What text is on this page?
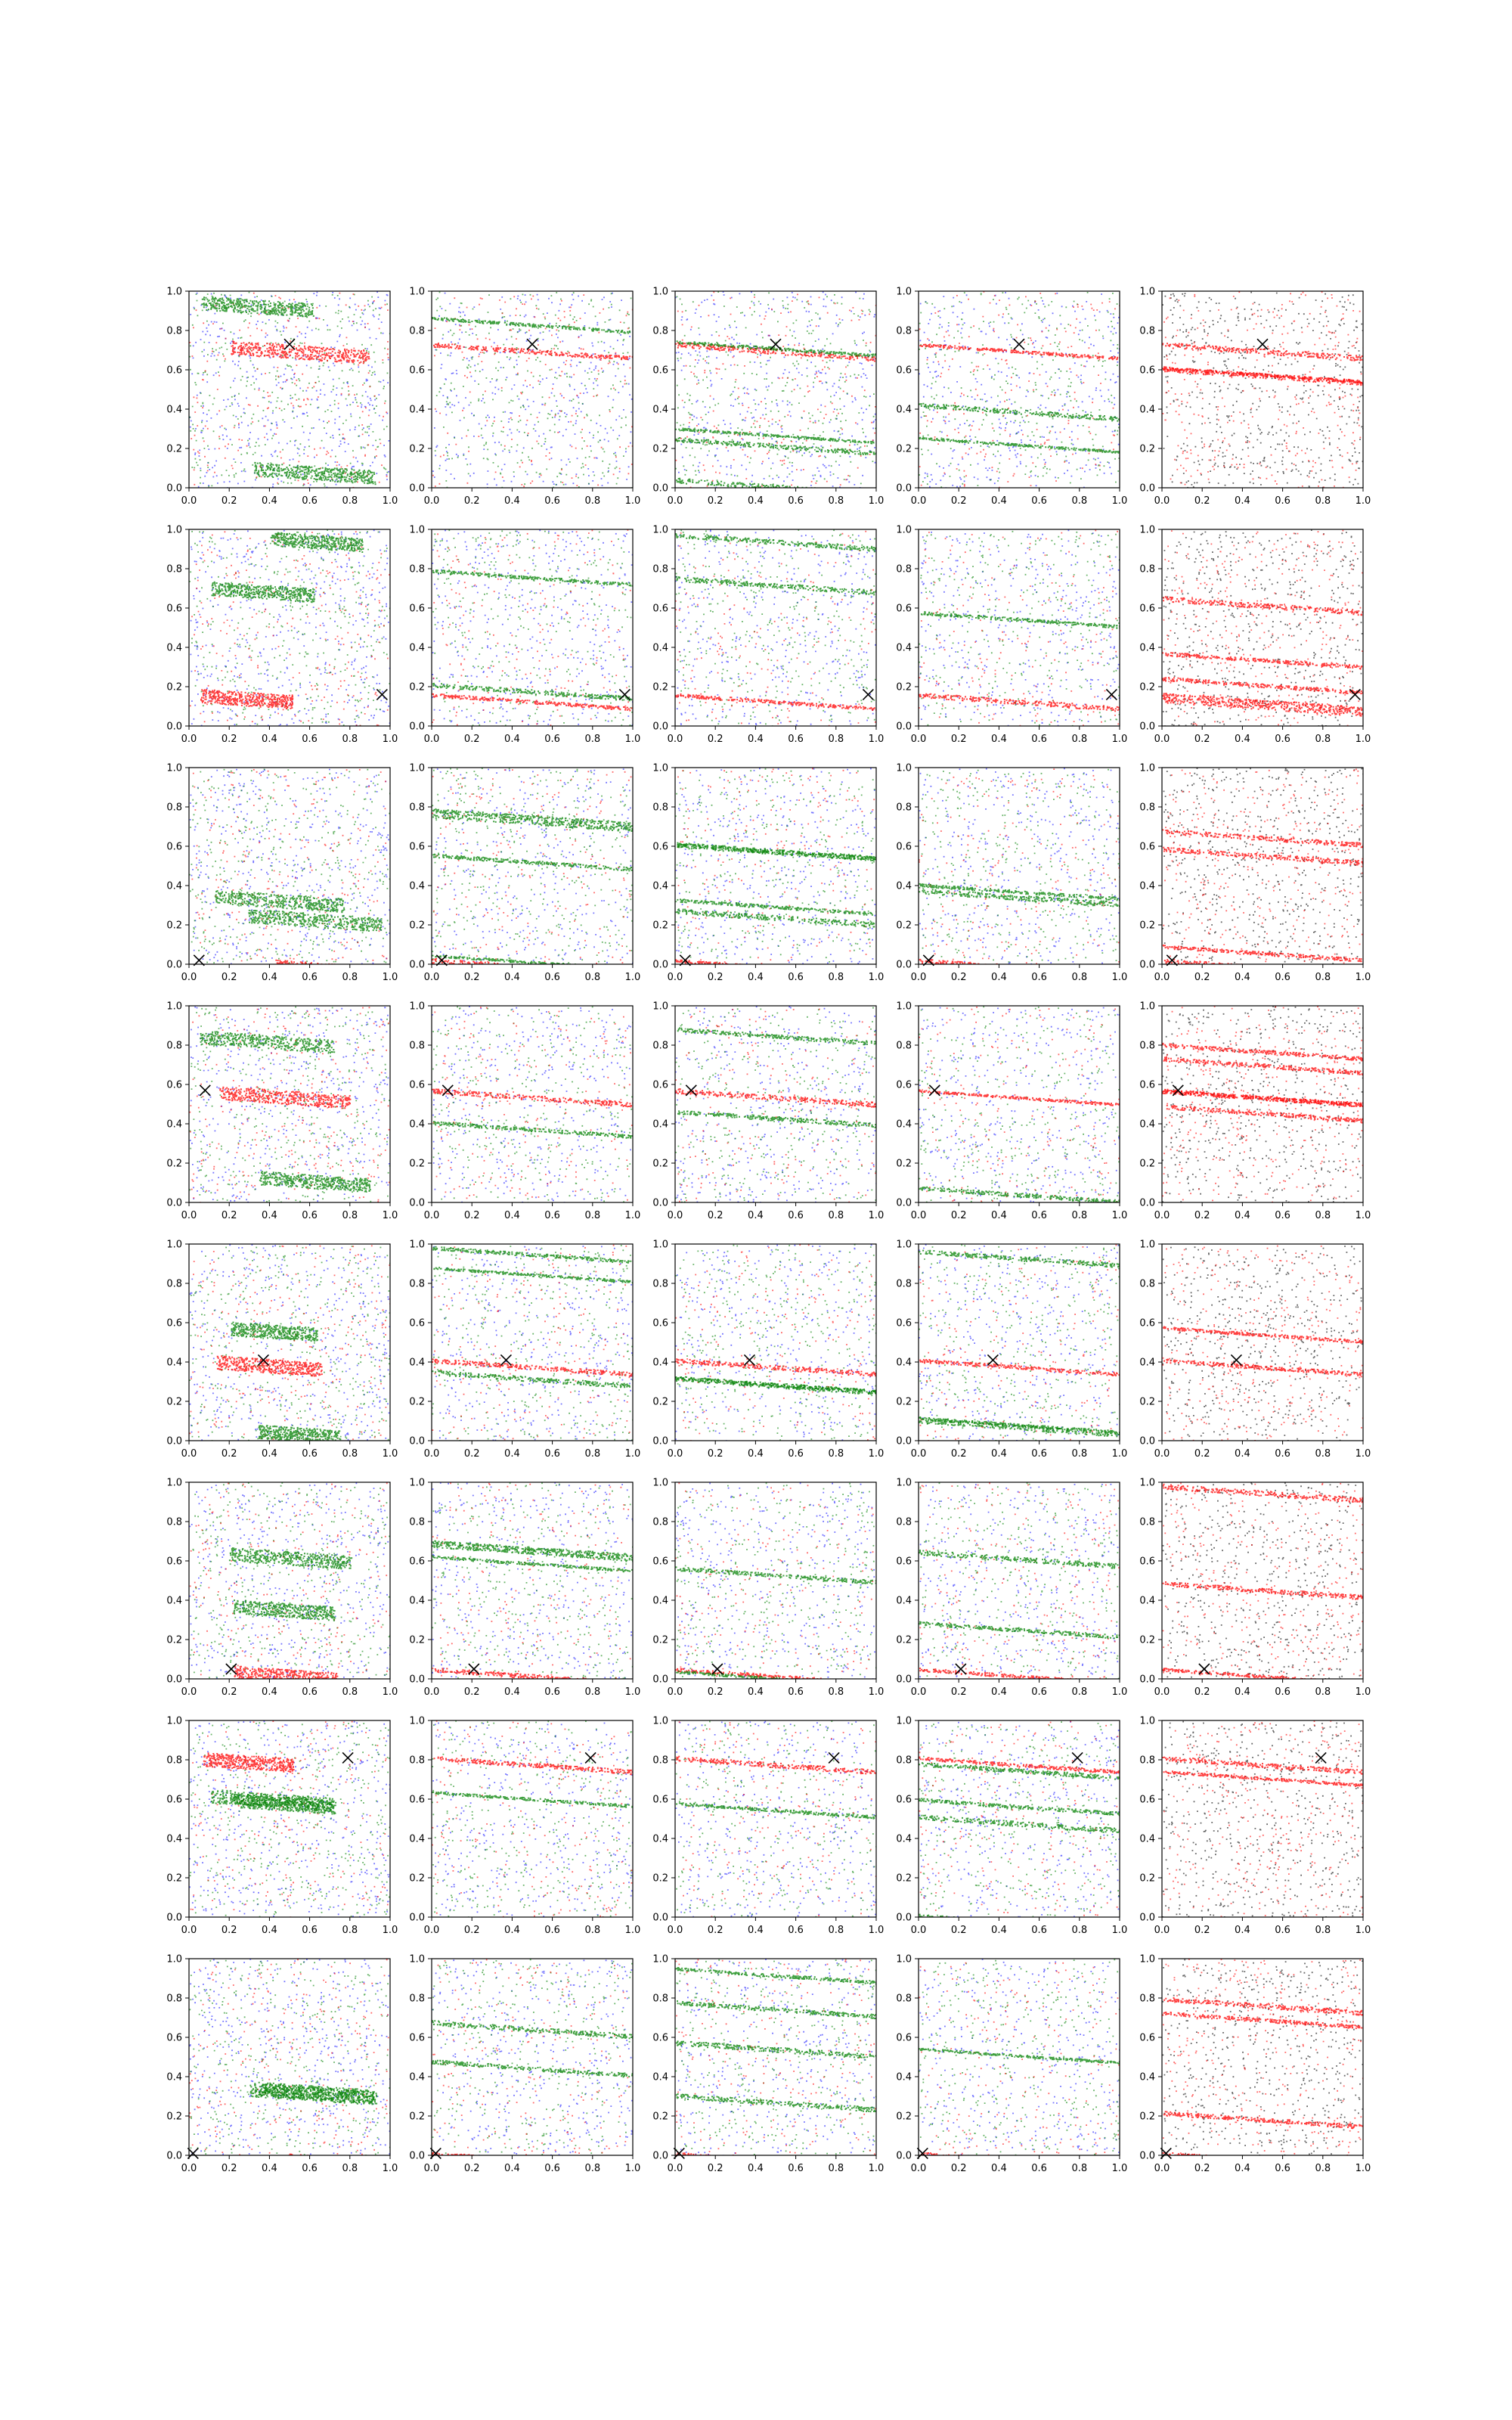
0.0	0.2	0.4	0.6	0.8	1.0
0.0
0.2
0.4
0.6
0.8
1.0
0.0	0.2	0.4	0.6	0.8	1.0
0.0
0.2
0.4
0.6
0.8
1.0
0.0	0.2	0.4	0.6	0.8	1.0
0.0
0.2
0.4
0.6
0.8
1.0
0.0	0.2	0.4	0.6	0.8	1.0
0.0
0.2
0.4
0.6
0.8
1.0
0.0	0.2	0.4	0.6	0.8	1.0
0.0
0.2
0.4
0.6
0.8
1.0
0.0	0.2	0.4	0.6	0.8	1.0
0.0
0.2
0.4
0.6
0.8
1.0
0.0	0.2	0.4	0.6	0.8	1.0
0.0
0.2
0.4
0.6
0.8
1.0
0.0	0.2	0.4	0.6	0.8	1.0
0.0
0.2
0.4
0.6
0.8
1.0
0.0	0.2	0.4	0.6	0.8	1.0
0.0
0.2
0.4
0.6
0.8
1.0
0.0	0.2	0.4	0.6	0.8	1.0
0.0
0.2
0.4
0.6
0.8
1.0
0.0	0.2	0.4	0.6	0.8	1.0
0.0
0.2
0.4
0.6
0.8
1.0
0.0	0.2	0.4	0.6	0.8	1.0
0.0
0.2
0.4
0.6
0.8
1.0
0.0	0.2	0.4	0.6	0.8	1.0
0.0
0.2
0.4
0.6
0.8
1.0
0.0	0.2	0.4	0.6	0.8	1.0
0.0
0.2
0.4
0.6
0.8
1.0
0.0	0.2	0.4	0.6	0.8	1.0
0.0
0.2
0.4
0.6
0.8
1.0
0.0	0.2	0.4	0.6	0.8	1.0
0.0
0.2
0.4
0.6
0.8
1.0
0.0	0.2	0.4	0.6	0.8	1.0
0.0
0.2
0.4
0.6
0.8
1.0
0.0	0.2	0.4	0.6	0.8	1.0
0.0
0.2
0.4
0.6
0.8
1.0
0.0	0.2	0.4	0.6	0.8	1.0
0.0
0.2
0.4
0.6
0.8
1.0
0.0	0.2	0.4	0.6	0.8	1.0
0.0
0.2
0.4
0.6
0.8
1.0
0.0	0.2	0.4	0.6	0.8	1.0
0.0
0.2
0.4
0.6
0.8
1.0
0.0	0.2	0.4	0.6	0.8	1.0
0.0
0.2
0.4
0.6
0.8
1.0
0.0	0.2	0.4	0.6	0.8	1.0
0.0
0.2
0.4
0.6
0.8
1.0
0.0	0.2	0.4	0.6	0.8	1.0
0.0
0.2
0.4
0.6
0.8
1.0
0.0	0.2	0.4	0.6	0.8	1.0
0.0
0.2
0.4
0.6
0.8
1.0
0.0	0.2	0.4	0.6	0.8	1.0
0.0
0.2
0.4
0.6
0.8
1.0
0.0	0.2	0.4	0.6	0.8	1.0
0.0
0.2
0.4
0.6
0.8
1.0
0.0	0.2	0.4	0.6	0.8	1.0
0.0
0.2
0.4
0.6
0.8
1.0
0.0	0.2	0.4	0.6	0.8	1.0
0.0
0.2
0.4
0.6
0.8
1.0
0.0	0.2	0.4	0.6	0.8	1.0
0.0
0.2
0.4
0.6
0.8
1.0
0.0	0.2	0.4	0.6	0.8	1.0
0.0
0.2
0.4
0.6
0.8
1.0
0.0	0.2	0.4	0.6	0.8	1.0
0.0
0.2
0.4
0.6
0.8
1.0
0.0	0.2	0.4	0.6	0.8	1.0
0.0
0.2
0.4
0.6
0.8
1.0
0.0	0.2	0.4	0.6	0.8	1.0
0.0
0.2
0.4
0.6
0.8
1.0
0.0	0.2	0.4	0.6	0.8	1.0
0.0
0.2
0.4
0.6
0.8
1.0
0.0	0.2	0.4	0.6	0.8	1.0
0.0
0.2
0.4
0.6
0.8
1.0
0.0	0.2	0.4	0.6	0.8	1.0
0.0
0.2
0.4
0.6
0.8
1.0
0.0	0.2	0.4	0.6	0.8	1.0
0.0
0.2
0.4
0.6
0.8
1.0
0.0	0.2	0.4	0.6	0.8	1.0
0.0
0.2
0.4
0.6
0.8
1.0
0.0	0.2	0.4	0.6	0.8	1.0
0.0
0.2
0.4
0.6
0.8
1.0
